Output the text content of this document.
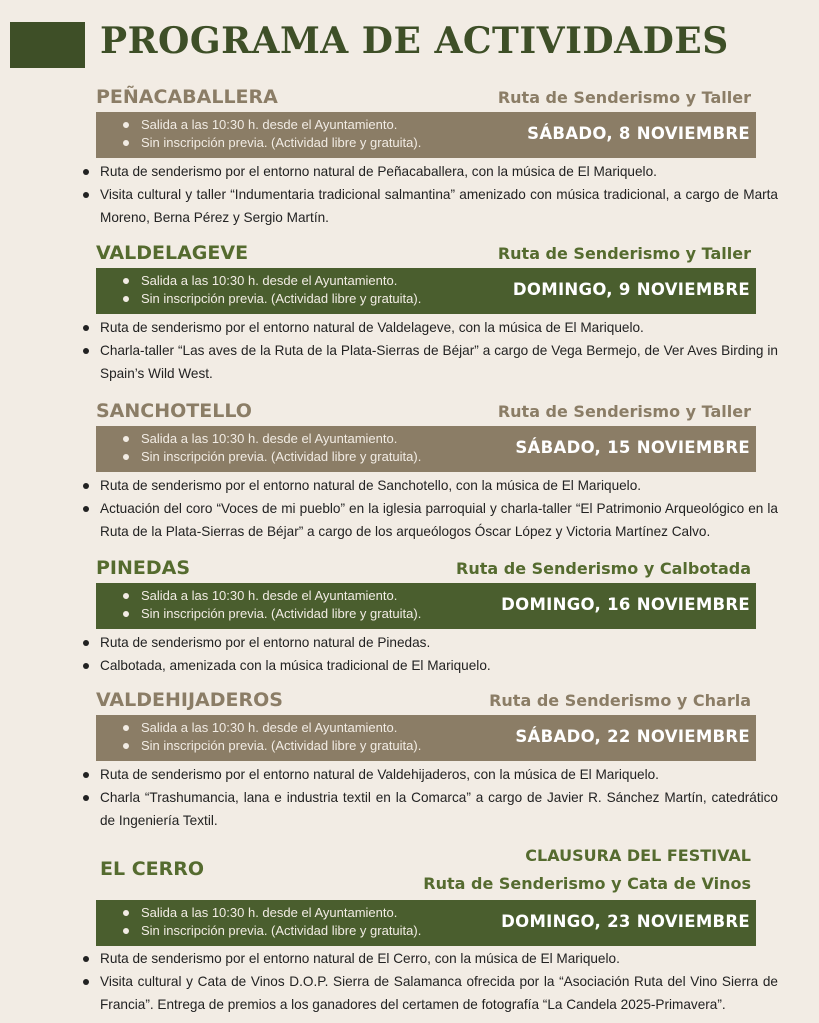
PROGRAMA DE ACTIVIDADES
PEÑACABALLERA	Ruta de Senderismo y Taller
Salida a las 10:30 h. desde el Ayuntamiento.
Sin inscripción previa. (Actividad libre y gratuita).	SÁBADO, 8 NOVIEMBRE
Ruta de senderismo por el entorno natural de Peñacaballera, con la música de El Mariquelo.
Visita cultural y taller “Indumentaria tradicional salmantina” amenizado con música tradicional, a cargo de Marta Moreno, Berna Pérez y Sergio Martín.
VALDELAGEVE	Ruta de Senderismo y Taller
Salida a las 10:30 h. desde el Ayuntamiento.
Sin inscripción previa. (Actividad libre y gratuita).	DOMINGO, 9 NOVIEMBRE
Ruta de senderismo por el entorno natural de Valdelageve, con la música de El Mariquelo.
Charla-taller “Las aves de la Ruta de la Plata-Sierras de Béjar” a cargo de Vega Bermejo, de Ver Aves Birding in Spain’s Wild West.
SANCHOTELLO	Ruta de Senderismo y Taller
Salida a las 10:30 h. desde el Ayuntamiento.
Sin inscripción previa. (Actividad libre y gratuita).	SÁBADO, 15 NOVIEMBRE
Ruta de senderismo por el entorno natural de Sanchotello, con la música de El Mariquelo.
Actuación del coro “Voces de mi pueblo” en la iglesia parroquial y charla-taller “El Patrimonio Arqueológico en la Ruta de la Plata-Sierras de Béjar” a cargo de los arqueólogos Óscar López y Victoria Martínez Calvo.
PINEDAS	Ruta de Senderismo y Calbotada
Salida a las 10:30 h. desde el Ayuntamiento.
Sin inscripción previa. (Actividad libre y gratuita).	DOMINGO, 16 NOVIEMBRE
Ruta de senderismo por el entorno natural de Pinedas.
Calbotada, amenizada con la música tradicional de El Mariquelo.
VALDEHIJADEROS	Ruta de Senderismo y Charla
Salida a las 10:30 h. desde el Ayuntamiento.
Sin inscripción previa. (Actividad libre y gratuita).	SÁBADO, 22 NOVIEMBRE
Ruta de senderismo por el entorno natural de Valdehijaderos, con la música de El Mariquelo.
Charla “Trashumancia, lana e industria textil en la Comarca” a cargo de Javier R. Sánchez Martín, catedrático de Ingeniería Textil.
EL CERRO
CLAUSURA DEL FESTIVAL
Ruta de Senderismo y Cata de Vinos
Salida a las 10:30 h. desde el Ayuntamiento.
Sin inscripción previa. (Actividad libre y gratuita).	DOMINGO, 23 NOVIEMBRE
Ruta de senderismo por el entorno natural de El Cerro, con la música de El Mariquelo.
Visita cultural y Cata de Vinos D.O.P. Sierra de Salamanca ofrecida por la “Asociación Ruta del Vino Sierra de Francia”. Entrega de premios a los ganadores del certamen de fotografía “La Candela 2025-Primavera”.
